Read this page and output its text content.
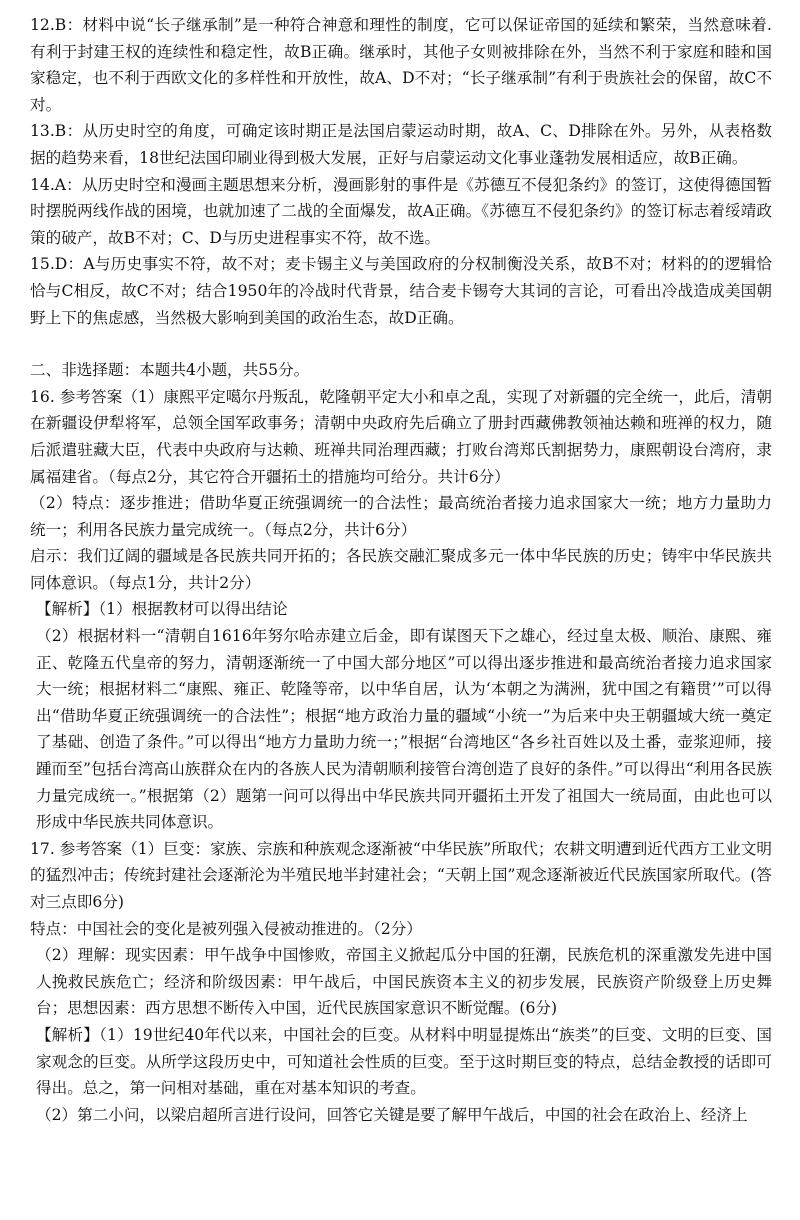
12.B：材料中说“长子继承制”是一种符合神意和理性的制度，它可以保证帝国的延续和繁荣，当然意味着.有利于封建王权的连续性和稳定性，故B正确。继承时，其他子女则被排除在外，当然不利于家庭和睦和国家稳定，也不利于西欧文化的多样性和开放性，故A、D不对；“长子继承制”有利于贵族社会的保留，故C不对。

13.B：从历史时空的角度，可确定该时期正是法国启蒙运动时期，故A、C、D排除在外。另外，从表格数据的趋势来看，18世纪法国印刷业得到极大发展，正好与启蒙运动文化事业蓬勃发展相适应，故B正确。

14.A：从历史时空和漫画主题思想来分析，漫画影射的事件是《苏德互不侵犯条约》的签订，这使得德国暂时摆脱两线作战的困境，也就加速了二战的全面爆发，故A正确。《苏德互不侵犯条约》的签订标志着绥靖政策的破产，故B不对；C、D与历史进程事实不符，故不选。

15.D：A与历史事实不符，故不对；麦卡锡主义与美国政府的分权制衡没关系，故B不对；材料的的逻辑恰恰与C相反，故C不对；结合1950年的冷战时代背景，结合麦卡锡夸大其词的言论，可看出冷战造成美国朝野上下的焦虑感，当然极大影响到美国的政治生态，故D正确。

二、非选择题：本题共4小题，共55分。

16. 参考答案（1）康熙平定噶尔丹叛乱，乾隆朝平定大小和卓之乱，实现了对新疆的完全统一，此后，清朝在新疆设伊犁将军，总领全国军政事务；清朝中央政府先后确立了册封西藏佛教领袖达赖和班禅的权力，随后派遣驻藏大臣，代表中央政府与达赖、班禅共同治理西藏；打败台湾郑氏割据势力，康熙朝设台湾府，隶属福建省。（每点2分，其它符合开疆拓土的措施均可给分。共计6分）

（2）特点：逐步推进；借助华夏正统强调统一的合法性；最高统治者接力追求国家大一统；地方力量助力统一；利用各民族力量完成统一。（每点2分，共计6分）

启示：我们辽阔的疆域是各民族共同开拓的；各民族交融汇聚成多元一体中华民族的历史；铸牢中华民族共同体意识。（每点1分，共计2分）

【解析】（1）根据教材可以得出结论

（2）根据材料一“清朝自1616年努尔哈赤建立后金，即有谋图天下之雄心，经过皇太极、顺治、康熙、雍正、乾隆五代皇帝的努力，清朝逐渐统一了中国大部分地区”可以得出逐步推进和最高统治者接力追求国家大一统；根据材料二“康熙、雍正、乾隆等帝，以中华自居，认为‘本朝之为满洲，犹中国之有籍贯’”可以得出“借助华夏正统强调统一的合法性”；根据“地方政治力量的疆域“小统一”为后来中央王朝疆域大统一奠定了基础、创造了条件。”可以得出“地方力量助力统一；”根据“台湾地区“各乡社百姓以及土番，壶浆迎师，接踵而至”包括台湾高山族群众在内的各族人民为清朝顺利接管台湾创造了良好的条件。”可以得出“利用各民族力量完成统一。”根据第（2）题第一问可以得出中华民族共同开疆拓土开发了祖国大一统局面，由此也可以形成中华民族共同体意识。

17. 参考答案（1）巨变：家族、宗族和种族观念逐渐被“中华民族”所取代；农耕文明遭到近代西方工业文明的猛烈冲击；传统封建社会逐渐沦为半殖民地半封建社会；“天朝上国”观念逐渐被近代民族国家所取代。(答对三点即6分)

特点：中国社会的变化是被列强入侵被动推进的。（2分）

（2）理解：现实因素：甲午战争中国惨败，帝国主义掀起瓜分中国的狂潮，民族危机的深重激发先进中国人挽救民族危亡；经济和阶级因素：甲午战后，中国民族资本主义的初步发展，民族资产阶级登上历史舞台；思想因素：西方思想不断传入中国，近代民族国家意识不断觉醒。(6分)

【解析】（1）19世纪40年代以来，中国社会的巨变。从材料中明显提炼出“族类”的巨变、文明的巨变、国家观念的巨变。从所学这段历史中，可知道社会性质的巨变。至于这时期巨变的特点，总结金教授的话即可得出。总之，第一问相对基础，重在对基本知识的考查。

（2）第二小问，以梁启超所言进行设问，回答它关键是要了解甲午战后，中国的社会在政治上、经济上
